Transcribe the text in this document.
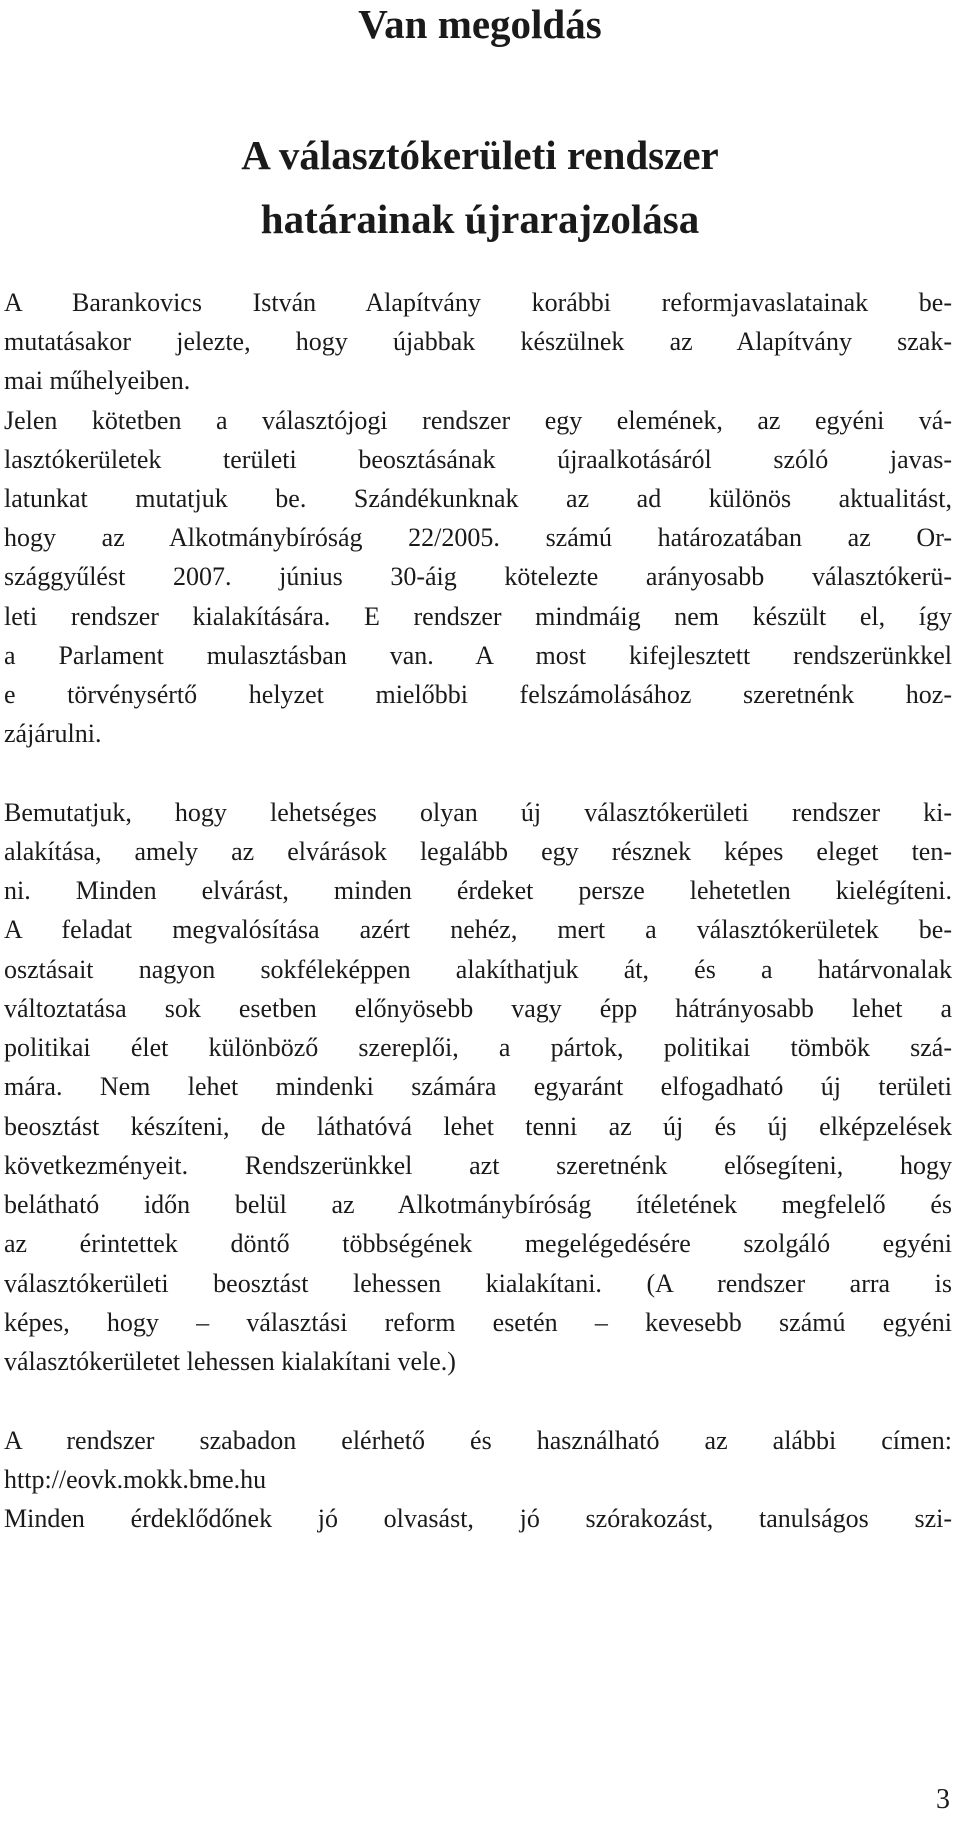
Van megoldás
A választókerületi rendszer
határainak újrarajzolása

A Barankovics István Alapítvány korábbi reformjavaslatainak be-

mutatásakor jelezte, hogy újabbak készülnek az Alapítvány szak-

mai műhelyeiben.

Jelen kötetben a választójogi rendszer egy elemének, az egyéni vá-

lasztókerületek területi beosztásának újraalkotásáról szóló javas-

latunkat mutatjuk be. Szándékunknak az ad különös aktualitást,

hogy az Alkotmánybíróság 22/2005. számú határozatában az Or-

szággyűlést 2007. június 30-áig kötelezte arányosabb választókerü-

leti rendszer kialakítására. E rendszer mindmáig nem készült el, így

a Parlament mulasztásban van. A most kifejlesztett rendszerünkkel

e törvénysértő helyzet mielőbbi felszámolásához szeretnénk hoz-

zájárulni.

Bemutatjuk, hogy lehetséges olyan új választókerületi rendszer ki-

alakítása, amely az elvárások legalább egy résznek képes eleget ten-

ni. Minden elvárást, minden érdeket persze lehetetlen kielégíteni.

A feladat megvalósítása azért nehéz, mert a választókerületek be-

osztásait nagyon sokféleképpen alakíthatjuk át, és a határvonalak

változtatása sok esetben előnyösebb vagy épp hátrányosabb lehet a

politikai élet különböző szereplői, a pártok, politikai tömbök szá-

mára. Nem lehet mindenki számára egyaránt elfogadható új területi

beosztást készíteni, de láthatóvá lehet tenni az új és új elképzelések

következményeit. Rendszerünkkel azt szeretnénk elősegíteni, hogy

belátható időn belül az Alkotmánybíróság ítéletének megfelelő és

az érintettek döntő többségének megelégedésére szolgáló egyéni

választókerületi beosztást lehessen kialakítani. (A rendszer arra is

képes, hogy – választási reform esetén – kevesebb számú egyéni

választókerületet lehessen kialakítani vele.)

A rendszer szabadon elérhető és használható az alábbi címen:

http://eovk.mokk.bme.hu

Minden érdeklődőnek jó olvasást, jó szórakozást, tanulságos szi-

3
